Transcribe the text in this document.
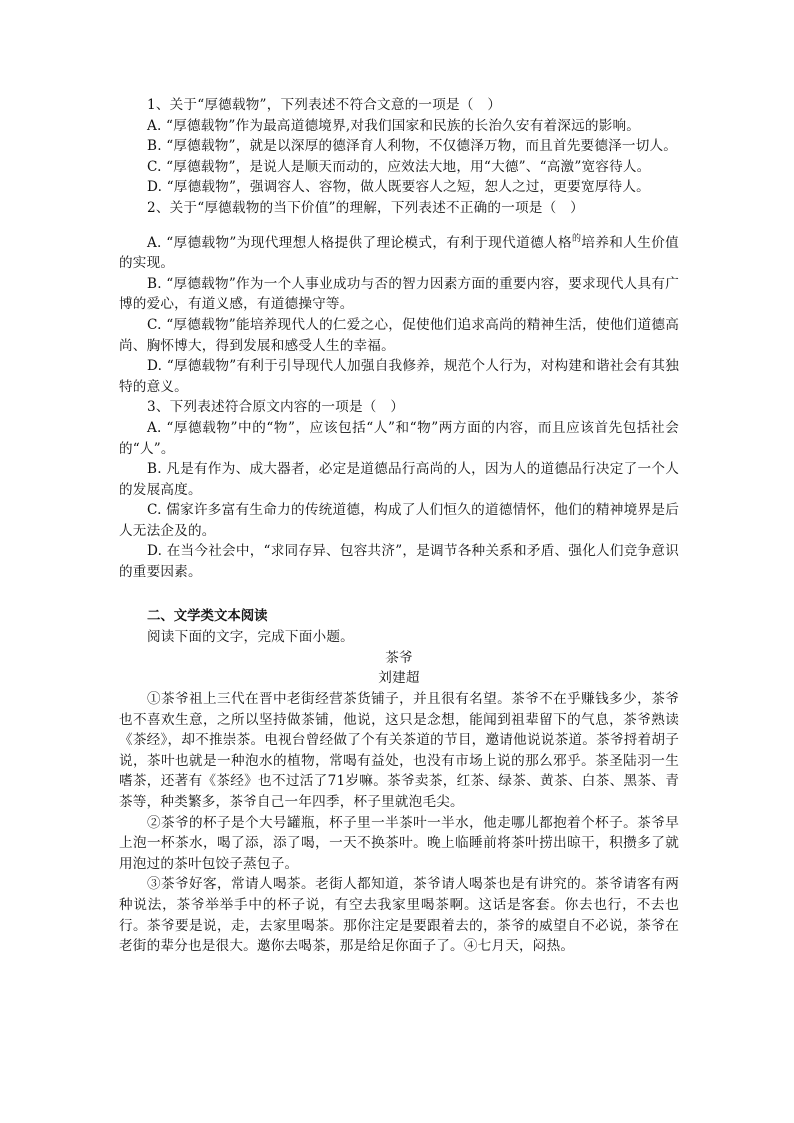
1、关于“厚德载物”，下列表述不符合文意的一项是（　）

A. “厚德载物”作为最高道德境界,对我们国家和民族的长治久安有着深远的影响。

B. “厚德载物”，就是以深厚的德泽育人利物，不仅德泽万物，而且首先要德泽一切人。

C. “厚德载物”，是说人是顺天而动的，应效法大地，用“大德”、“高激”宽容待人。

D. “厚德载物”，强调容人、容物，做人既要容人之短，恕人之过，更要宽厚待人。

2、关于“厚德载物的当下价值”的理解，下列表述不正确的一项是（　）

A. “厚德载物”为现代理想人格提供了理论模式，有利于现代道德人格$^的$培养和人生价值的实现。

B. “厚德载物”作为一个人事业成功与否的智力因素方面的重要内容，要求现代人具有广博的爱心，有道义感，有道德操守等。

C. “厚德载物”能培养现代人的仁爱之心，促使他们追求高尚的精神生活，使他们道德高尚、胸怀博大，得到发展和感受人生的幸福。

D. “厚德载物”有利于引导现代人加强自我修养，规范个人行为，对构建和谐社会有其独特的意义。

3、下列表述符合原文内容的一项是（　）

A. “厚德载物”中的“物”，应该包括“人”和“物”两方面的内容，而且应该首先包括社会的“人”。

B. 凡是有作为、成大器者，必定是道德品行高尚的人，因为人的道德品行决定了一个人的发展高度。

C. 儒家许多富有生命力的传统道德，构成了人们恒久的道德情怀，他们的精神境界是后人无法企及的。

D. 在当今社会中，“求同存异、包容共济”，是调节各种关系和矛盾、强化人们竞争意识的重要因素。

二、文学类文本阅读

阅读下面的文字，完成下面小题。

茶爷

刘建超

①茶爷祖上三代在晋中老街经营茶货铺子，并且很有名望。茶爷不在乎赚钱多少，茶爷也不喜欢生意，之所以坚持做茶铺，他说，这只是念想，能闻到祖辈留下的气息，茶爷熟读《茶经》，却不推崇茶。电视台曾经做了个有关茶道的节目，邀请他说说茶道。茶爷捋着胡子说，茶叶也就是一种泡水的植物，常喝有益处，也没有市场上说的那么邪乎。茶圣陆羽一生嗜茶，还著有《茶经》也不过活了71岁嘛。茶爷卖茶，红茶、绿茶、黄茶、白茶、黑茶、青茶等，种类繁多，茶爷自己一年四季，杯子里就泡毛尖。

②茶爷的杯子是个大号罐瓶，杯子里一半茶叶一半水，他走哪儿都抱着个杯子。茶爷早上泡一杯茶水，喝了添，添了喝，一天不换茶叶。晚上临睡前将茶叶捞出晾干，积攒多了就用泡过的茶叶包饺子蒸包子。

③茶爷好客，常请人喝茶。老街人都知道，茶爷请人喝茶也是有讲究的。茶爷请客有两种说法，茶爷举举手中的杯子说，有空去我家里喝茶啊。这话是客套。你去也行，不去也行。茶爷要是说，走，去家里喝茶。那你注定是要跟着去的，茶爷的威望自不必说，茶爷在老街的辈分也是很大。邀你去喝茶，那是给足你面子了。④七月天，闷热。
